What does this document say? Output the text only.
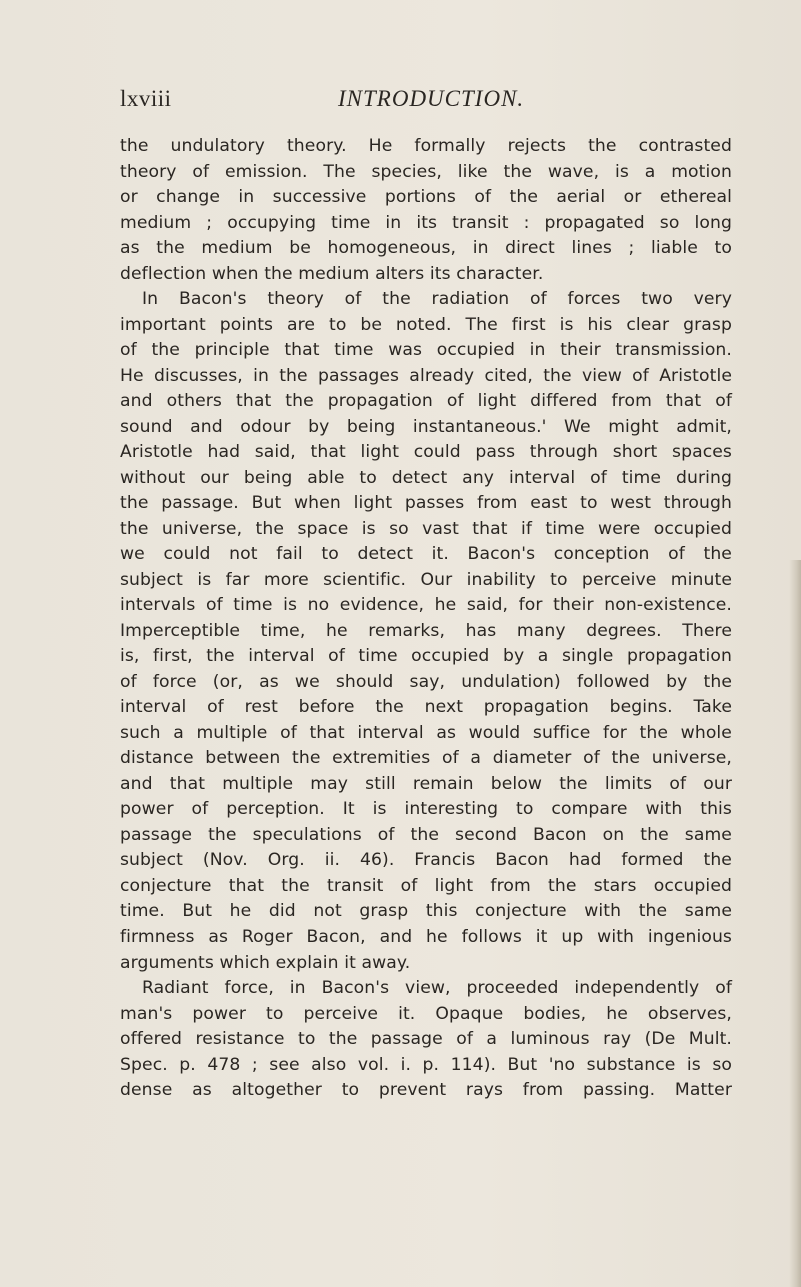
lxviii	INTRODUCTION.
the undulatory theory. He formally rejects the contrasted
theory of emission. The species, like the wave, is a motion
or change in successive portions of the aerial or ethereal
medium ; occupying time in its transit : propagated so long
as the medium be homogeneous, in direct lines ; liable to
deflection when the medium alters its character.
In Bacon's theory of the radiation of forces two very
important points are to be noted. The first is his clear grasp
of the principle that time was occupied in their transmission.
He discusses, in the passages already cited, the view of Aristotle
and others that the propagation of light differed from that of
sound and odour by being instantaneous.' We might admit,
Aristotle had said, that light could pass through short spaces
without our being able to detect any interval of time during
the passage. But when light passes from east to west through
the universe, the space is so vast that if time were occupied
we could not fail to detect it. Bacon's conception of the
subject is far more scientific. Our inability to perceive minute
intervals of time is no evidence, he said, for their non-existence.
Imperceptible time, he remarks, has many degrees. There
is, first, the interval of time occupied by a single propagation
of force (or, as we should say, undulation) followed by the
interval of rest before the next propagation begins. Take
such a multiple of that interval as would suffice for the whole
distance between the extremities of a diameter of the universe,
and that multiple may still remain below the limits of our
power of perception. It is interesting to compare with this
passage the speculations of the second Bacon on the same
subject (Nov. Org. ii. 46). Francis Bacon had formed the
conjecture that the transit of light from the stars occupied
time. But he did not grasp this conjecture with the same
firmness as Roger Bacon, and he follows it up with ingenious
arguments which explain it away.
Radiant force, in Bacon's view, proceeded independently of
man's power to perceive it. Opaque bodies, he observes,
offered resistance to the passage of a luminous ray (De Mult.
Spec. p. 478 ; see also vol. i. p. 114). But 'no substance is so
dense as altogether to prevent rays from passing. Matter
